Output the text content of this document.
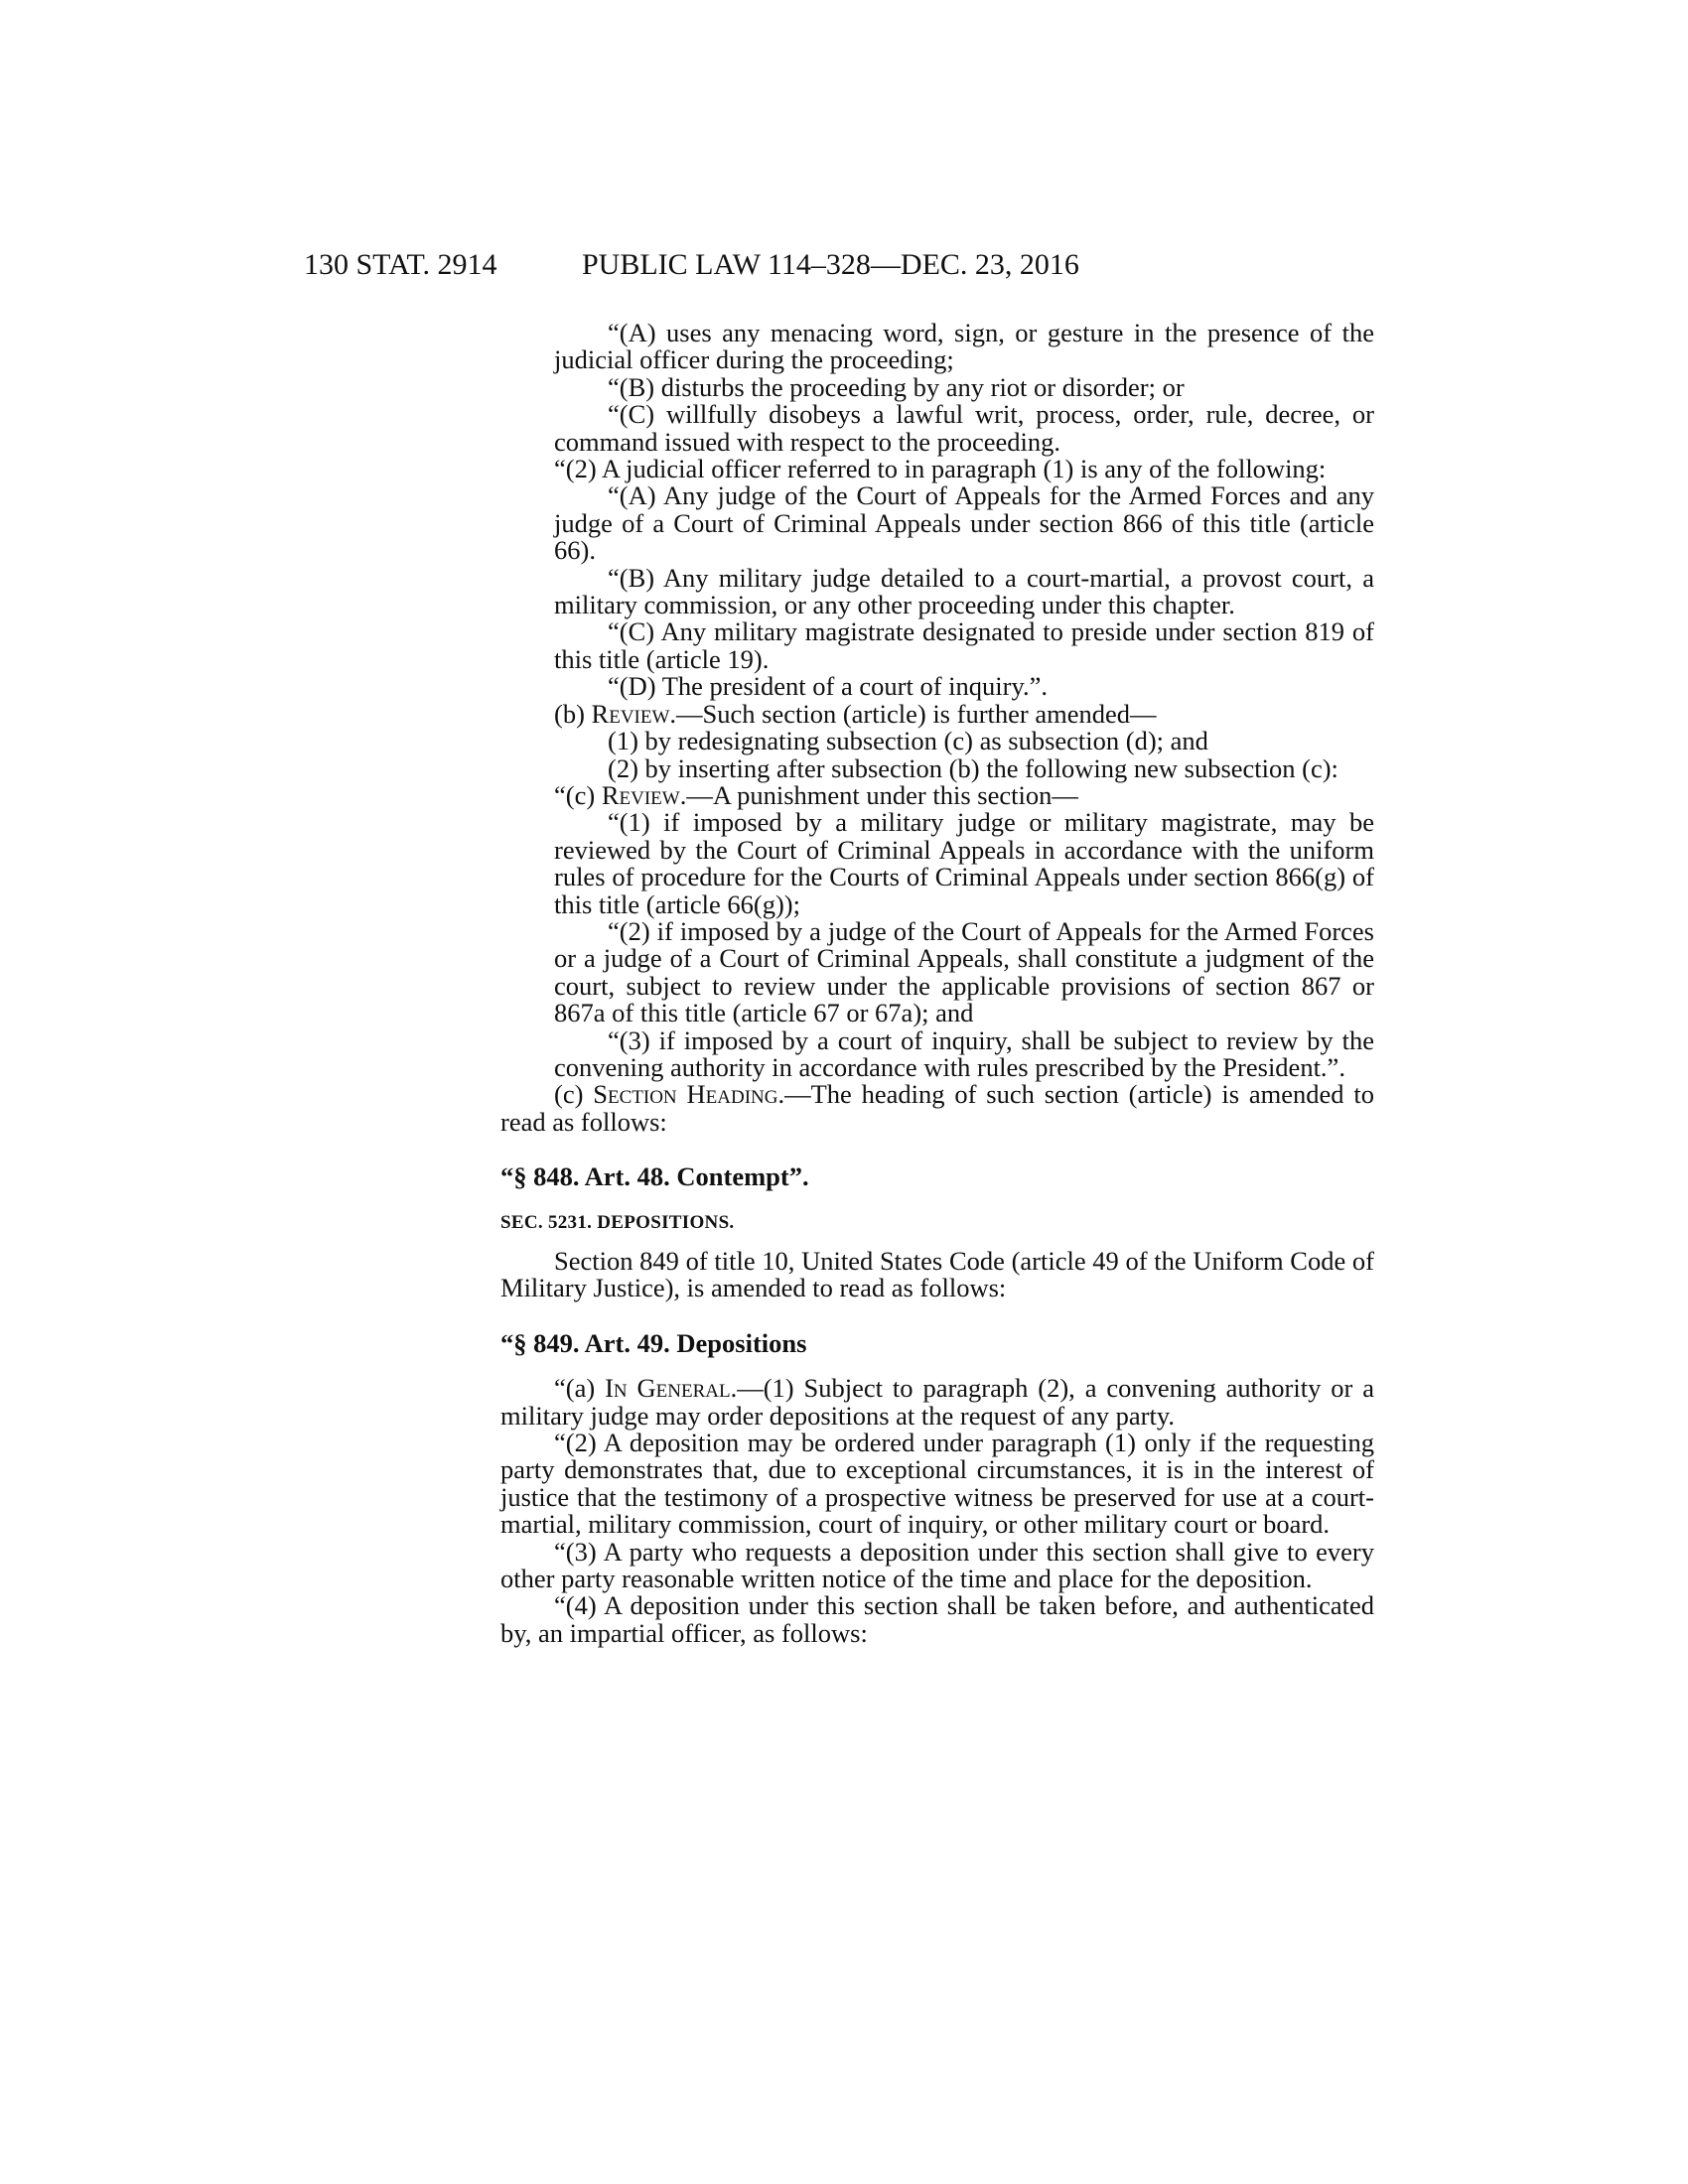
130 STAT. 2914	PUBLIC LAW 114–328—DEC. 23, 2016

“(A) uses any menacing word, sign, or gesture in the presence of the judicial officer during the proceeding;

“(B) disturbs the proceeding by any riot or disorder; or

“(C) willfully disobeys a lawful writ, process, order, rule, decree, or command issued with respect to the proceeding.

“(2) A judicial officer referred to in paragraph (1) is any of the following:

“(A) Any judge of the Court of Appeals for the Armed Forces and any judge of a Court of Criminal Appeals under section 866 of this title (article 66).

“(B) Any military judge detailed to a court-martial, a provost court, a military commission, or any other proceeding under this chapter.

“(C) Any military magistrate designated to preside under section 819 of this title (article 19).

“(D) The president of a court of inquiry.”.

(b) Review.—Such section (article) is further amended—

(1) by redesignating subsection (c) as subsection (d); and

(2) by inserting after subsection (b) the following new subsection (c):

“(c) Review.—A punishment under this section—

“(1) if imposed by a military judge or military magistrate, may be reviewed by the Court of Criminal Appeals in accordance with the uniform rules of procedure for the Courts of Criminal Appeals under section 866(g) of this title (article 66(g));

“(2) if imposed by a judge of the Court of Appeals for the Armed Forces or a judge of a Court of Criminal Appeals, shall constitute a judgment of the court, subject to review under the applicable provisions of section 867 or 867a of this title (article 67 or 67a); and

“(3) if imposed by a court of inquiry, shall be subject to review by the convening authority in accordance with rules prescribed by the President.”.

(c) Section Heading.—The heading of such section (article) is amended to read as follows:

“§ 848. Art. 48. Contempt”.

SEC. 5231. DEPOSITIONS.

Section 849 of title 10, United States Code (article 49 of the Uniform Code of Military Justice), is amended to read as follows:

“§ 849. Art. 49. Depositions

“(a) In General.—(1) Subject to paragraph (2), a convening authority or a military judge may order depositions at the request of any party.

“(2) A deposition may be ordered under paragraph (1) only if the requesting party demonstrates that, due to exceptional circumstances, it is in the interest of justice that the testimony of a prospective witness be preserved for use at a court-martial, military commission, court of inquiry, or other military court or board.

“(3) A party who requests a deposition under this section shall give to every other party reasonable written notice of the time and place for the deposition.

“(4) A deposition under this section shall be taken before, and authenticated by, an impartial officer, as follows:
